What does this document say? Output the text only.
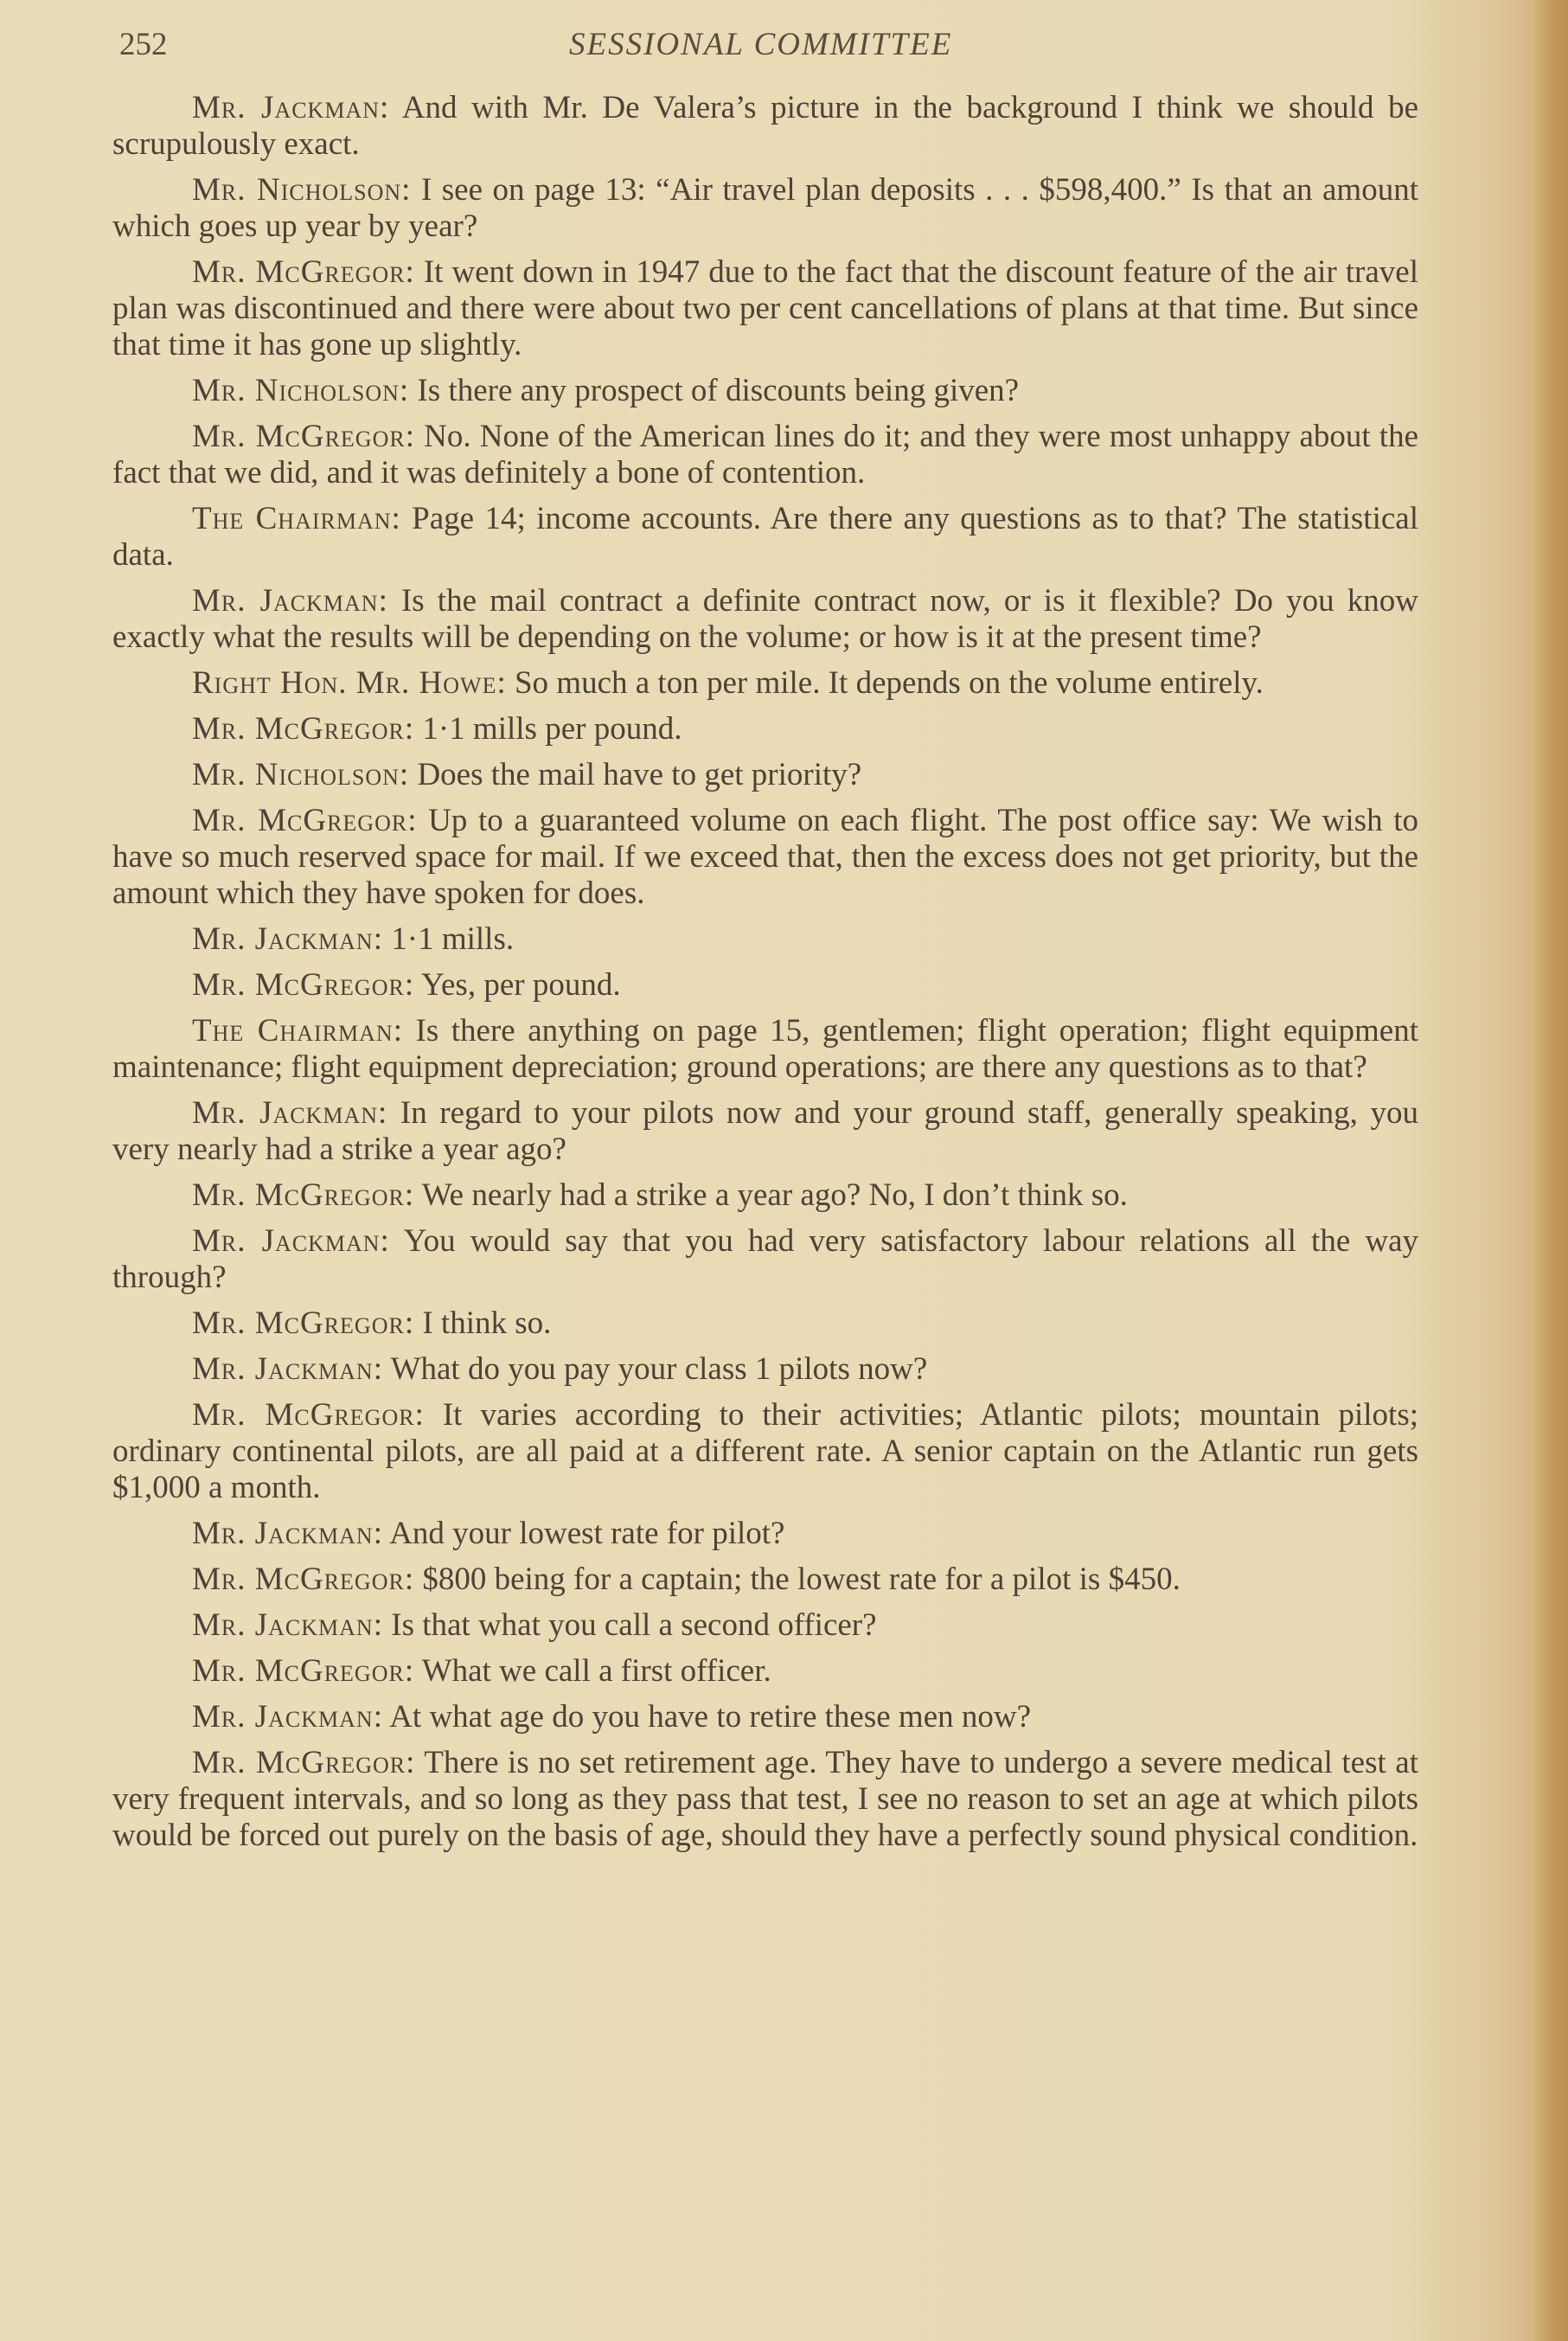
252	SESSIONAL COMMITTEE

Mr. Jackman: And with Mr. De Valera’s picture in the background I think we should be scrupulously exact.

Mr. Nicholson: I see on page 13: “Air travel plan deposits . . . $598,400.” Is that an amount which goes up year by year?

Mr. McGregor: It went down in 1947 due to the fact that the discount feature of the air travel plan was discontinued and there were about two per cent cancellations of plans at that time. But since that time it has gone up slightly.

Mr. Nicholson: Is there any prospect of discounts being given?

Mr. McGregor: No. None of the American lines do it; and they were most unhappy about the fact that we did, and it was definitely a bone of contention.

The Chairman: Page 14; income accounts. Are there any questions as to that? The statistical data.

Mr. Jackman: Is the mail contract a definite contract now, or is it flexible? Do you know exactly what the results will be depending on the volume; or how is it at the present time?

Right Hon. Mr. Howe: So much a ton per mile. It depends on the volume entirely.

Mr. McGregor: 1·1 mills per pound.

Mr. Nicholson: Does the mail have to get priority?

Mr. McGregor: Up to a guaranteed volume on each flight. The post office say: We wish to have so much reserved space for mail. If we exceed that, then the excess does not get priority, but the amount which they have spoken for does.

Mr. Jackman: 1·1 mills.

Mr. McGregor: Yes, per pound.

The Chairman: Is there anything on page 15, gentlemen; flight operation; flight equipment maintenance; flight equipment depreciation; ground operations; are there any questions as to that?

Mr. Jackman: In regard to your pilots now and your ground staff, generally speaking, you very nearly had a strike a year ago?

Mr. McGregor: We nearly had a strike a year ago? No, I don’t think so.

Mr. Jackman: You would say that you had very satisfactory labour relations all the way through?

Mr. McGregor: I think so.

Mr. Jackman: What do you pay your class 1 pilots now?

Mr. McGregor: It varies according to their activities; Atlantic pilots; mountain pilots; ordinary continental pilots, are all paid at a different rate. A senior captain on the Atlantic run gets $1,000 a month.

Mr. Jackman: And your lowest rate for pilot?

Mr. McGregor: $800 being for a captain; the lowest rate for a pilot is $450.

Mr. Jackman: Is that what you call a second officer?

Mr. McGregor: What we call a first officer.

Mr. Jackman: At what age do you have to retire these men now?

Mr. McGregor: There is no set retirement age. They have to undergo a severe medical test at very frequent intervals, and so long as they pass that test, I see no reason to set an age at which pilots would be forced out purely on the basis of age, should they have a perfectly sound physical condition.
